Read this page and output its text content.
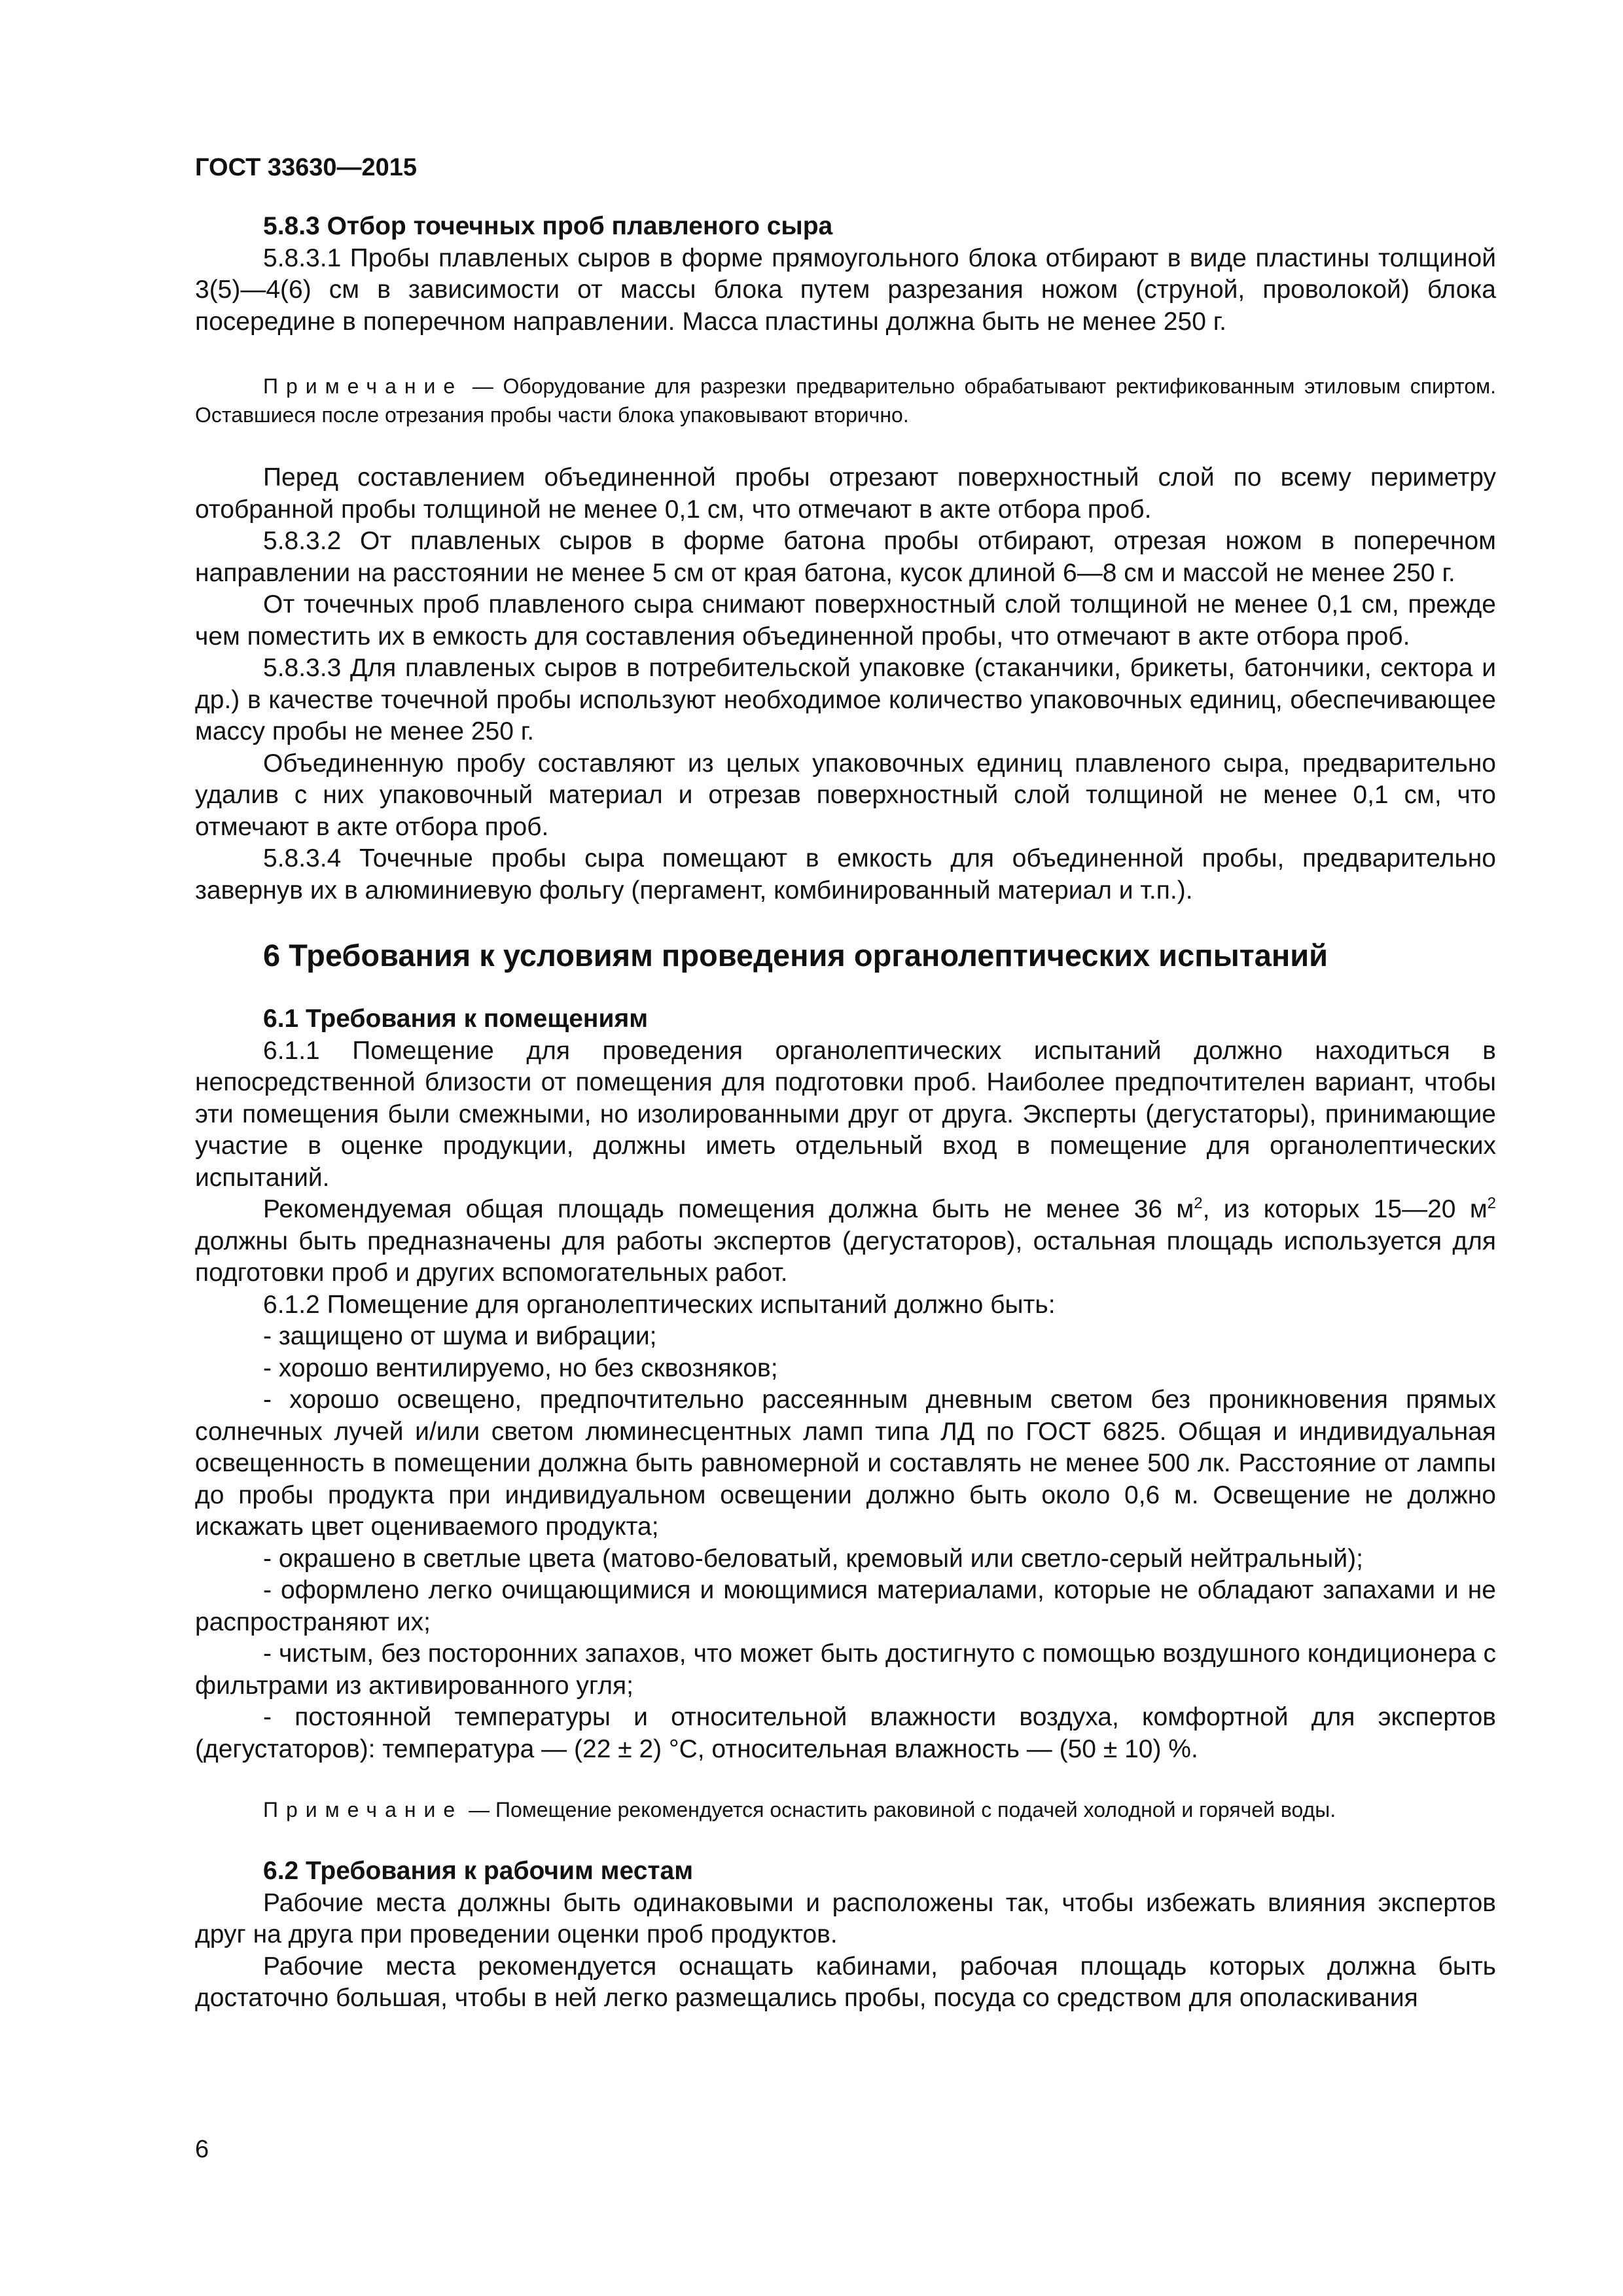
ГОСТ 33630—2015

5.8.3 Отбор точечных проб плавленого сыра

5.8.3.1 Пробы плавленых сыров в форме прямоугольного блока отбирают в виде пластины толщиной 3(5)—4(6) см в зависимости от массы блока путем разрезания ножом (струной, проволокой) блока посередине в поперечном направлении. Масса пластины должна быть не менее 250 г.

Примечание — Оборудование для разрезки предварительно обрабатывают ректификованным этиловым спиртом. Оставшиеся после отрезания пробы части блока упаковывают вторично.

Перед составлением объединенной пробы отрезают поверхностный слой по всему периметру отобранной пробы толщиной не менее 0,1 см, что отмечают в акте отбора проб.

5.8.3.2 От плавленых сыров в форме батона пробы отбирают, отрезая ножом в поперечном направлении на расстоянии не менее 5 см от края батона, кусок длиной 6—8 см и массой не менее 250 г.

От точечных проб плавленого сыра снимают поверхностный слой толщиной не менее 0,1 см, прежде чем поместить их в емкость для составления объединенной пробы, что отмечают в акте отбора проб.

5.8.3.3 Для плавленых сыров в потребительской упаковке (стаканчики, брикеты, батончики, сектора и др.) в качестве точечной пробы используют необходимое количество упаковочных единиц, обеспечивающее массу пробы не менее 250 г.

Объединенную пробу составляют из целых упаковочных единиц плавленого сыра, предварительно удалив с них упаковочный материал и отрезав поверхностный слой толщиной не менее 0,1 см, что отмечают в акте отбора проб.

5.8.3.4 Точечные пробы сыра помещают в емкость для объединенной пробы, предварительно завернув их в алюминиевую фольгу (пергамент, комбинированный материал и т.п.).

6 Требования к условиям проведения органолептических испытаний

6.1 Требования к помещениям

6.1.1 Помещение для проведения органолептических испытаний должно находиться в непосредственной близости от помещения для подготовки проб. Наиболее предпочтителен вариант, чтобы эти помещения были смежными, но изолированными друг от друга. Эксперты (дегустаторы), принимающие участие в оценке продукции, должны иметь отдельный вход в помещение для органолептических испытаний.

Рекомендуемая общая площадь помещения должна быть не менее 36 $м^2$, из которых 15—20 $м^2$ должны быть предназначены для работы экспертов (дегустаторов), остальная площадь используется для подготовки проб и других вспомогательных работ.

6.1.2 Помещение для органолептических испытаний должно быть:

- защищено от шума и вибрации;

- хорошо вентилируемо, но без сквозняков;

- хорошо освещено, предпочтительно рассеянным дневным светом без проникновения прямых солнечных лучей и/или светом люминесцентных ламп типа ЛД по ГОСТ 6825. Общая и индивидуальная освещенность в помещении должна быть равномерной и составлять не менее 500 лк. Расстояние от лампы до пробы продукта при индивидуальном освещении должно быть около 0,6 м. Освещение не должно искажать цвет оцениваемого продукта;

- окрашено в светлые цвета (матово-беловатый, кремовый или светло-серый нейтральный);

- оформлено легко очищающимися и моющимися материалами, которые не обладают запахами и не распространяют их;

- чистым, без посторонних запахов, что может быть достигнуто с помощью воздушного кондиционера с фильтрами из активированного угля;

- постоянной температуры и относительной влажности воздуха, комфортной для экспертов (дегустаторов): температура — (22 ± 2) °С, относительная влажность — (50 ± 10) %.

Примечание — Помещение рекомендуется оснастить раковиной с подачей холодной и горячей воды.

6.2 Требования к рабочим местам

Рабочие места должны быть одинаковыми и расположены так, чтобы избежать влияния экспертов друг на друга при проведении оценки проб продуктов.

Рабочие места рекомендуется оснащать кабинами, рабочая площадь которых должна быть достаточно большая, чтобы в ней легко размещались пробы, посуда со средством для ополаскивания

6
